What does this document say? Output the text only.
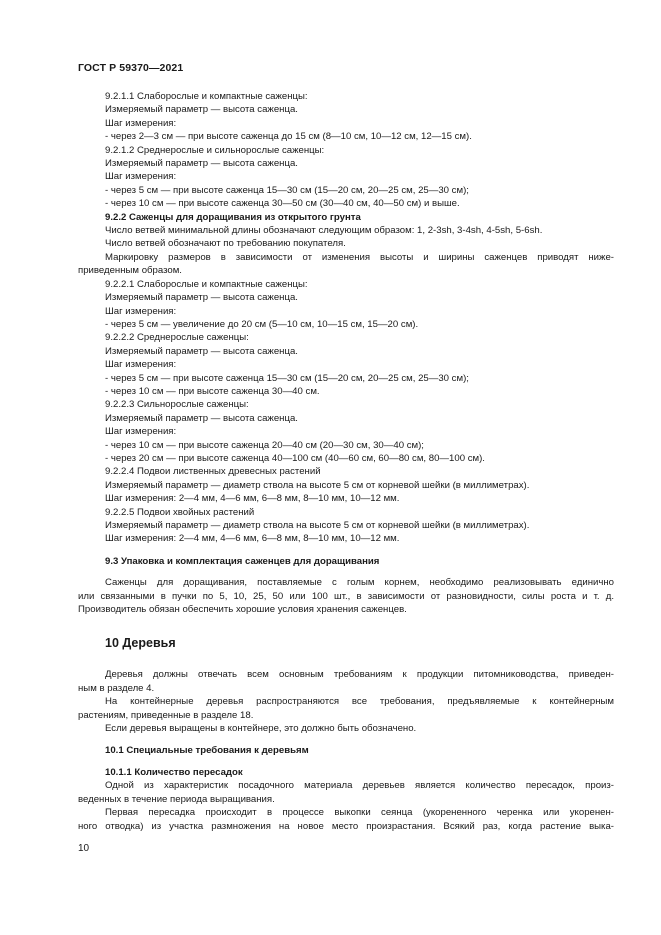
ГОСТ Р 59370—2021
9.2.1.1 Слаборослые и компактные саженцы:
Измеряемый параметр — высота саженца.
Шаг измерения:
- через 2—3 см — при высоте саженца до 15 см (8—10 см, 10—12 см, 12—15 см).
9.2.1.2 Среднерослые и сильнорослые саженцы:
Измеряемый параметр — высота саженца.
Шаг измерения:
- через 5 см — при высоте саженца 15—30 см (15—20 см, 20—25 см, 25—30 см);
- через 10 см — при высоте саженца 30—50 см (30—40 см, 40—50 см) и выше.
9.2.2 Саженцы для доращивания из открытого грунта
Число ветвей минимальной длины обозначают следующим образом: 1, 2-3sh, 3-4sh, 4-5sh, 5-6sh.
Число ветвей обозначают по требованию покупателя.
Маркировку размеров в зависимости от изменения высоты и ширины саженцев приводят ниже-
приведенным образом.
9.2.2.1 Слаборослые и компактные саженцы:
Измеряемый параметр — высота саженца.
Шаг измерения:
- через 5 см — увеличение до 20 см (5—10 см, 10—15 см, 15—20 см).
9.2.2.2 Среднерослые саженцы:
Измеряемый параметр — высота саженца.
Шаг измерения:
- через 5 см — при высоте саженца 15—30 см (15—20 см, 20—25 см, 25—30 см);
- через 10 см — при высоте саженца 30—40 см.
9.2.2.3 Сильнорослые саженцы:
Измеряемый параметр — высота саженца.
Шаг измерения:
- через 10 см — при высоте саженца 20—40 см (20—30 см, 30—40 см);
- через 20 см — при высоте саженца 40—100 см (40—60 см, 60—80 см, 80—100 см).
9.2.2.4 Подвои лиственных древесных растений
Измеряемый параметр — диаметр ствола на высоте 5 см от корневой шейки (в миллиметрах).
Шаг измерения: 2—4 мм, 4—6 мм, 6—8 мм, 8—10 мм, 10—12 мм.
9.2.2.5 Подвои хвойных растений
Измеряемый параметр — диаметр ствола на высоте 5 см от корневой шейки (в миллиметрах).
Шаг измерения: 2—4 мм, 4—6 мм, 6—8 мм, 8—10 мм, 10—12 мм.
9.3 Упаковка и комплектация саженцев для доращивания
Саженцы для доращивания, поставляемые с голым корнем, необходимо реализовывать единично
или связанными в пучки по 5, 10, 25, 50 или 100 шт., в зависимости от разновидности, силы роста и т. д.
Производитель обязан обеспечить хорошие условия хранения саженцев.
10 Деревья
Деревья должны отвечать всем основным требованиям к продукции питомниководства, приведен-
ным в разделе 4.
На контейнерные деревья распространяются все требования, предъявляемые к контейнерным
растениям, приведенные в разделе 18.
Если деревья выращены в контейнере, это должно быть обозначено.
10.1 Специальные требования к деревьям
10.1.1 Количество пересадок
Одной из характеристик посадочного материала деревьев является количество пересадок, произ-
веденных в течение периода выращивания.
Первая пересадка происходит в процессе выкопки сеянца (укорененного черенка или укоренен-
ного отводка) из участка размножения на новое место произрастания. Всякий раз, когда растение выка-
10
